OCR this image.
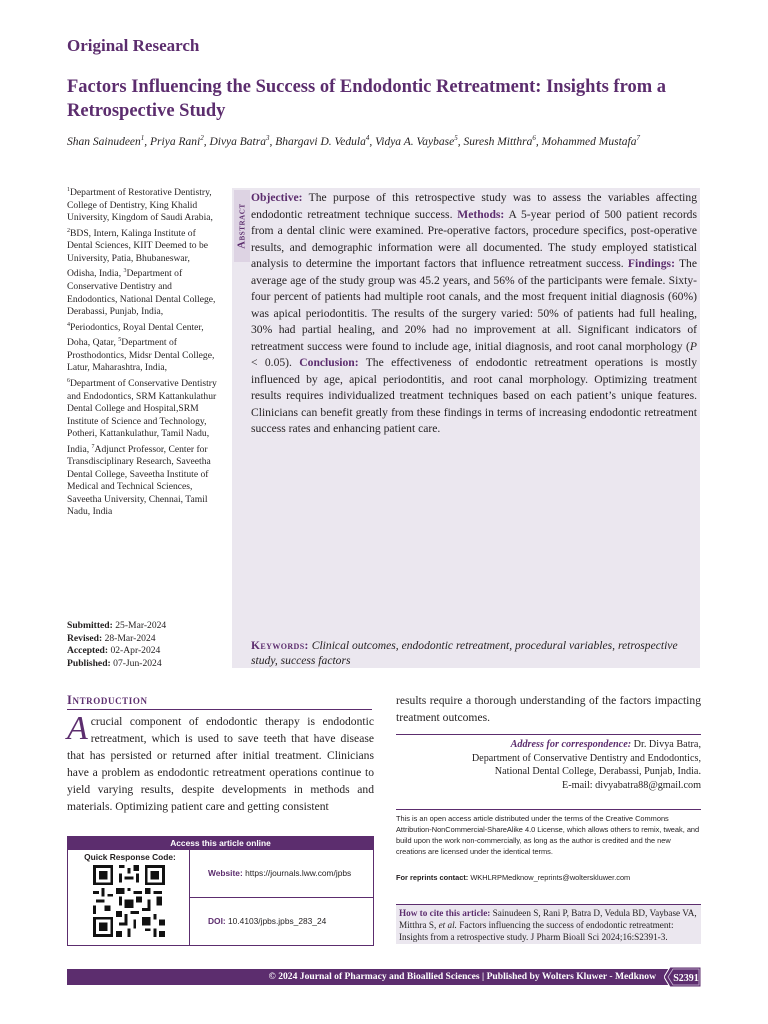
Original Research
Factors Influencing the Success of Endodontic Retreatment: Insights from a Retrospective Study
Shan Sainudeen$^1$, Priya Rani$^2$, Divya Batra$^3$, Bhargavi D. Vedula$^4$, Vidya A. Vaybase$^5$, Suresh Mitthra$^6$, Mohammed Mustafa$^7$
$^1$Department of Restorative Dentistry, College of Dentistry, King Khalid University, Kingdom of Saudi Arabia, $^2$BDS, Intern, Kalinga Institute of Dental Sciences, KIIT Deemed to be University, Patia, Bhubaneswar, Odisha, India, $^3$Department of Conservative Dentistry and Endodontics, National Dental College, Derabassi, Punjab, India, $^4$Periodontics, Royal Dental Center, Doha, Qatar, $^5$Department of Prosthodontics, Midsr Dental College, Latur, Maharashtra, India, $^6$Department of Conservative Dentistry and Endodontics, SRM Kattankulathur Dental College and Hospital,SRM Institute of Science and Technology, Potheri, Kattankulathur, Tamil Nadu, India, $^7$Adjunct Professor, Center for Transdisciplinary Research, Saveetha Dental College, Saveetha Institute of Medical and Technical Sciences, Saveetha University, Chennai, Tamil Nadu, India
Submitted: 25-Mar-2024
Revised: 28-Mar-2024
Accepted: 02-Apr-2024
Published: 07-Jun-2024
Abstract
Objective: The purpose of this retrospective study was to assess the variables affecting endodontic retreatment technique success. Methods: A 5-year period of 500 patient records from a dental clinic were examined. Pre-operative factors, procedure specifics, post-operative results, and demographic information were all documented. The study employed statistical analysis to determine the important factors that influence retreatment success. Findings: The average age of the study group was 45.2 years, and 56% of the participants were female. Sixty-four percent of patients had multiple root canals, and the most frequent initial diagnosis (60%) was apical periodontitis. The results of the surgery varied: 50% of patients had full healing, 30% had partial healing, and 20% had no improvement at all. Significant indicators of retreatment success were found to include age, initial diagnosis, and root canal morphology (P < 0.05). Conclusion: The effectiveness of endodontic retreatment operations is mostly influenced by age, apical periodontitis, and root canal morphology. Optimizing treatment results requires individualized treatment techniques based on each patient’s unique features. Clinicians can benefit greatly from these findings in terms of increasing endodontic retreatment success rates and enhancing patient care.
Keywords: Clinical outcomes, endodontic retreatment, procedural variables, retrospective study, success factors
Introduction
A crucial component of endodontic therapy is endodontic retreatment, which is used to save teeth that have disease that has persisted or returned after initial treatment. Clinicians have a problem as endodontic retreatment operations continue to yield varying results, despite developments in methods and materials. Optimizing patient care and getting consistent
results require a thorough understanding of the factors impacting treatment outcomes.
Address for correspondence: Dr. Divya Batra,
Department of Conservative Dentistry and Endodontics,
National Dental College, Derabassi, Punjab, India.
E-mail: divyabatra88@gmail.com
This is an open access article distributed under the terms of the Creative Commons Attribution-NonCommercial-ShareAlike 4.0 License, which allows others to remix, tweak, and build upon the work non-commercially, as long as the author is credited and the new creations are licensed under the identical terms.
For reprints contact: WKHLRPMedknow_reprints@wolterskluwer.com
How to cite this article: Sainudeen S, Rani P, Batra D, Vedula BD, Vaybase VA, Mitthra S, et al. Factors influencing the success of endodontic retreatment: Insights from a retrospective study. J Pharm Bioall Sci 2024;16:S2391-3.
Access this article online
Quick Response Code:
Website: https://journals.lww.com/jpbs
DOI: 10.4103/jpbs.jpbs_283_24
© 2024 Journal of Pharmacy and Bioallied Sciences | Published by Wolters Kluwer - Medknow	S2391
